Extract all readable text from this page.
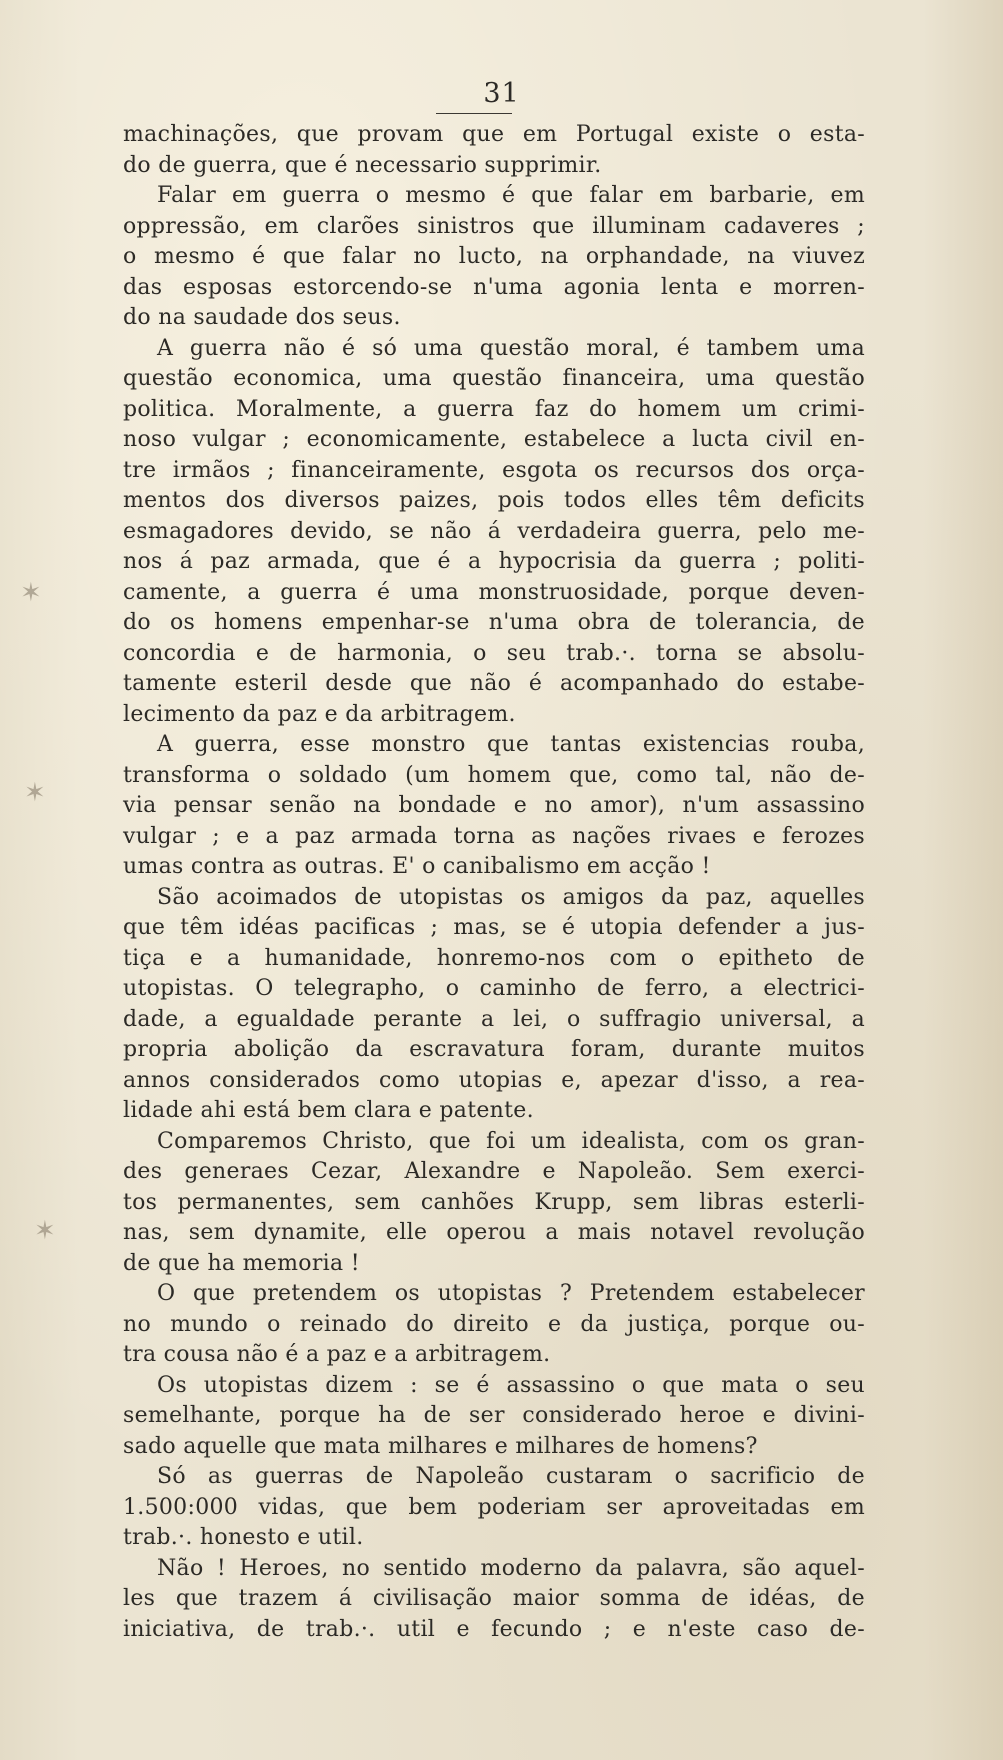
31
machinações, que provam que em Portugal existe o esta-
do de guerra, que é necessario supprimir.
Falar em guerra o mesmo é que falar em barbarie, em
oppressão, em clarões sinistros que illuminam cadaveres ;
o mesmo é que falar no lucto, na orphandade, na viuvez
das esposas estorcendo-se n'uma agonia lenta e morren-
do na saudade dos seus.
A guerra não é só uma questão moral, é tambem uma
questão economica, uma questão financeira, uma questão
politica. Moralmente, a guerra faz do homem um crimi-
noso vulgar ; economicamente, estabelece a lucta civil en-
tre irmãos ; financeiramente, esgota os recursos dos orça-
mentos dos diversos paizes, pois todos elles têm deficits
esmagadores devido, se não á verdadeira guerra, pelo me-
nos á paz armada, que é a hypocrisia da guerra ; politi-
camente, a guerra é uma monstruosidade, porque deven-
do os homens empenhar-se n'uma obra de tolerancia, de
concordia e de harmonia, o seu trab.·. torna se absolu-
tamente esteril desde que não é acompanhado do estabe-
lecimento da paz e da arbitragem.
A guerra, esse monstro que tantas existencias rouba,
transforma o soldado (um homem que, como tal, não de-
via pensar senão na bondade e no amor), n'um assassino
vulgar ; e a paz armada torna as nações rivaes e ferozes
umas contra as outras. E' o canibalismo em acção !
São acoimados de utopistas os amigos da paz, aquelles
que têm idéas pacificas ; mas, se é utopia defender a jus-
tiça e a humanidade, honremo-nos com o epitheto de
utopistas. O telegrapho, o caminho de ferro, a electrici-
dade, a egualdade perante a lei, o suffragio universal, a
propria abolição da escravatura foram, durante muitos
annos considerados como utopias e, apezar d'isso, a rea-
lidade ahi está bem clara e patente.
Comparemos Christo, que foi um idealista, com os gran-
des generaes Cezar, Alexandre e Napoleão. Sem exerci-
tos permanentes, sem canhões Krupp, sem libras esterli-
nas, sem dynamite, elle operou a mais notavel revolução
de que ha memoria !
O que pretendem os utopistas ? Pretendem estabelecer
no mundo o reinado do direito e da justiça, porque ou-
tra cousa não é a paz e a arbitragem.
Os utopistas dizem : se é assassino o que mata o seu
semelhante, porque ha de ser considerado heroe e divini-
sado aquelle que mata milhares e milhares de homens?
Só as guerras de Napoleão custaram o sacrificio de
1.500:000 vidas, que bem poderiam ser aproveitadas em
trab.·. honesto e util.
Não ! Heroes, no sentido moderno da palavra, são aquel-
les que trazem á civilisação maior somma de idéas, de
iniciativa, de trab.·. util e fecundo ; e n'este caso de-
✶
✶
✶
